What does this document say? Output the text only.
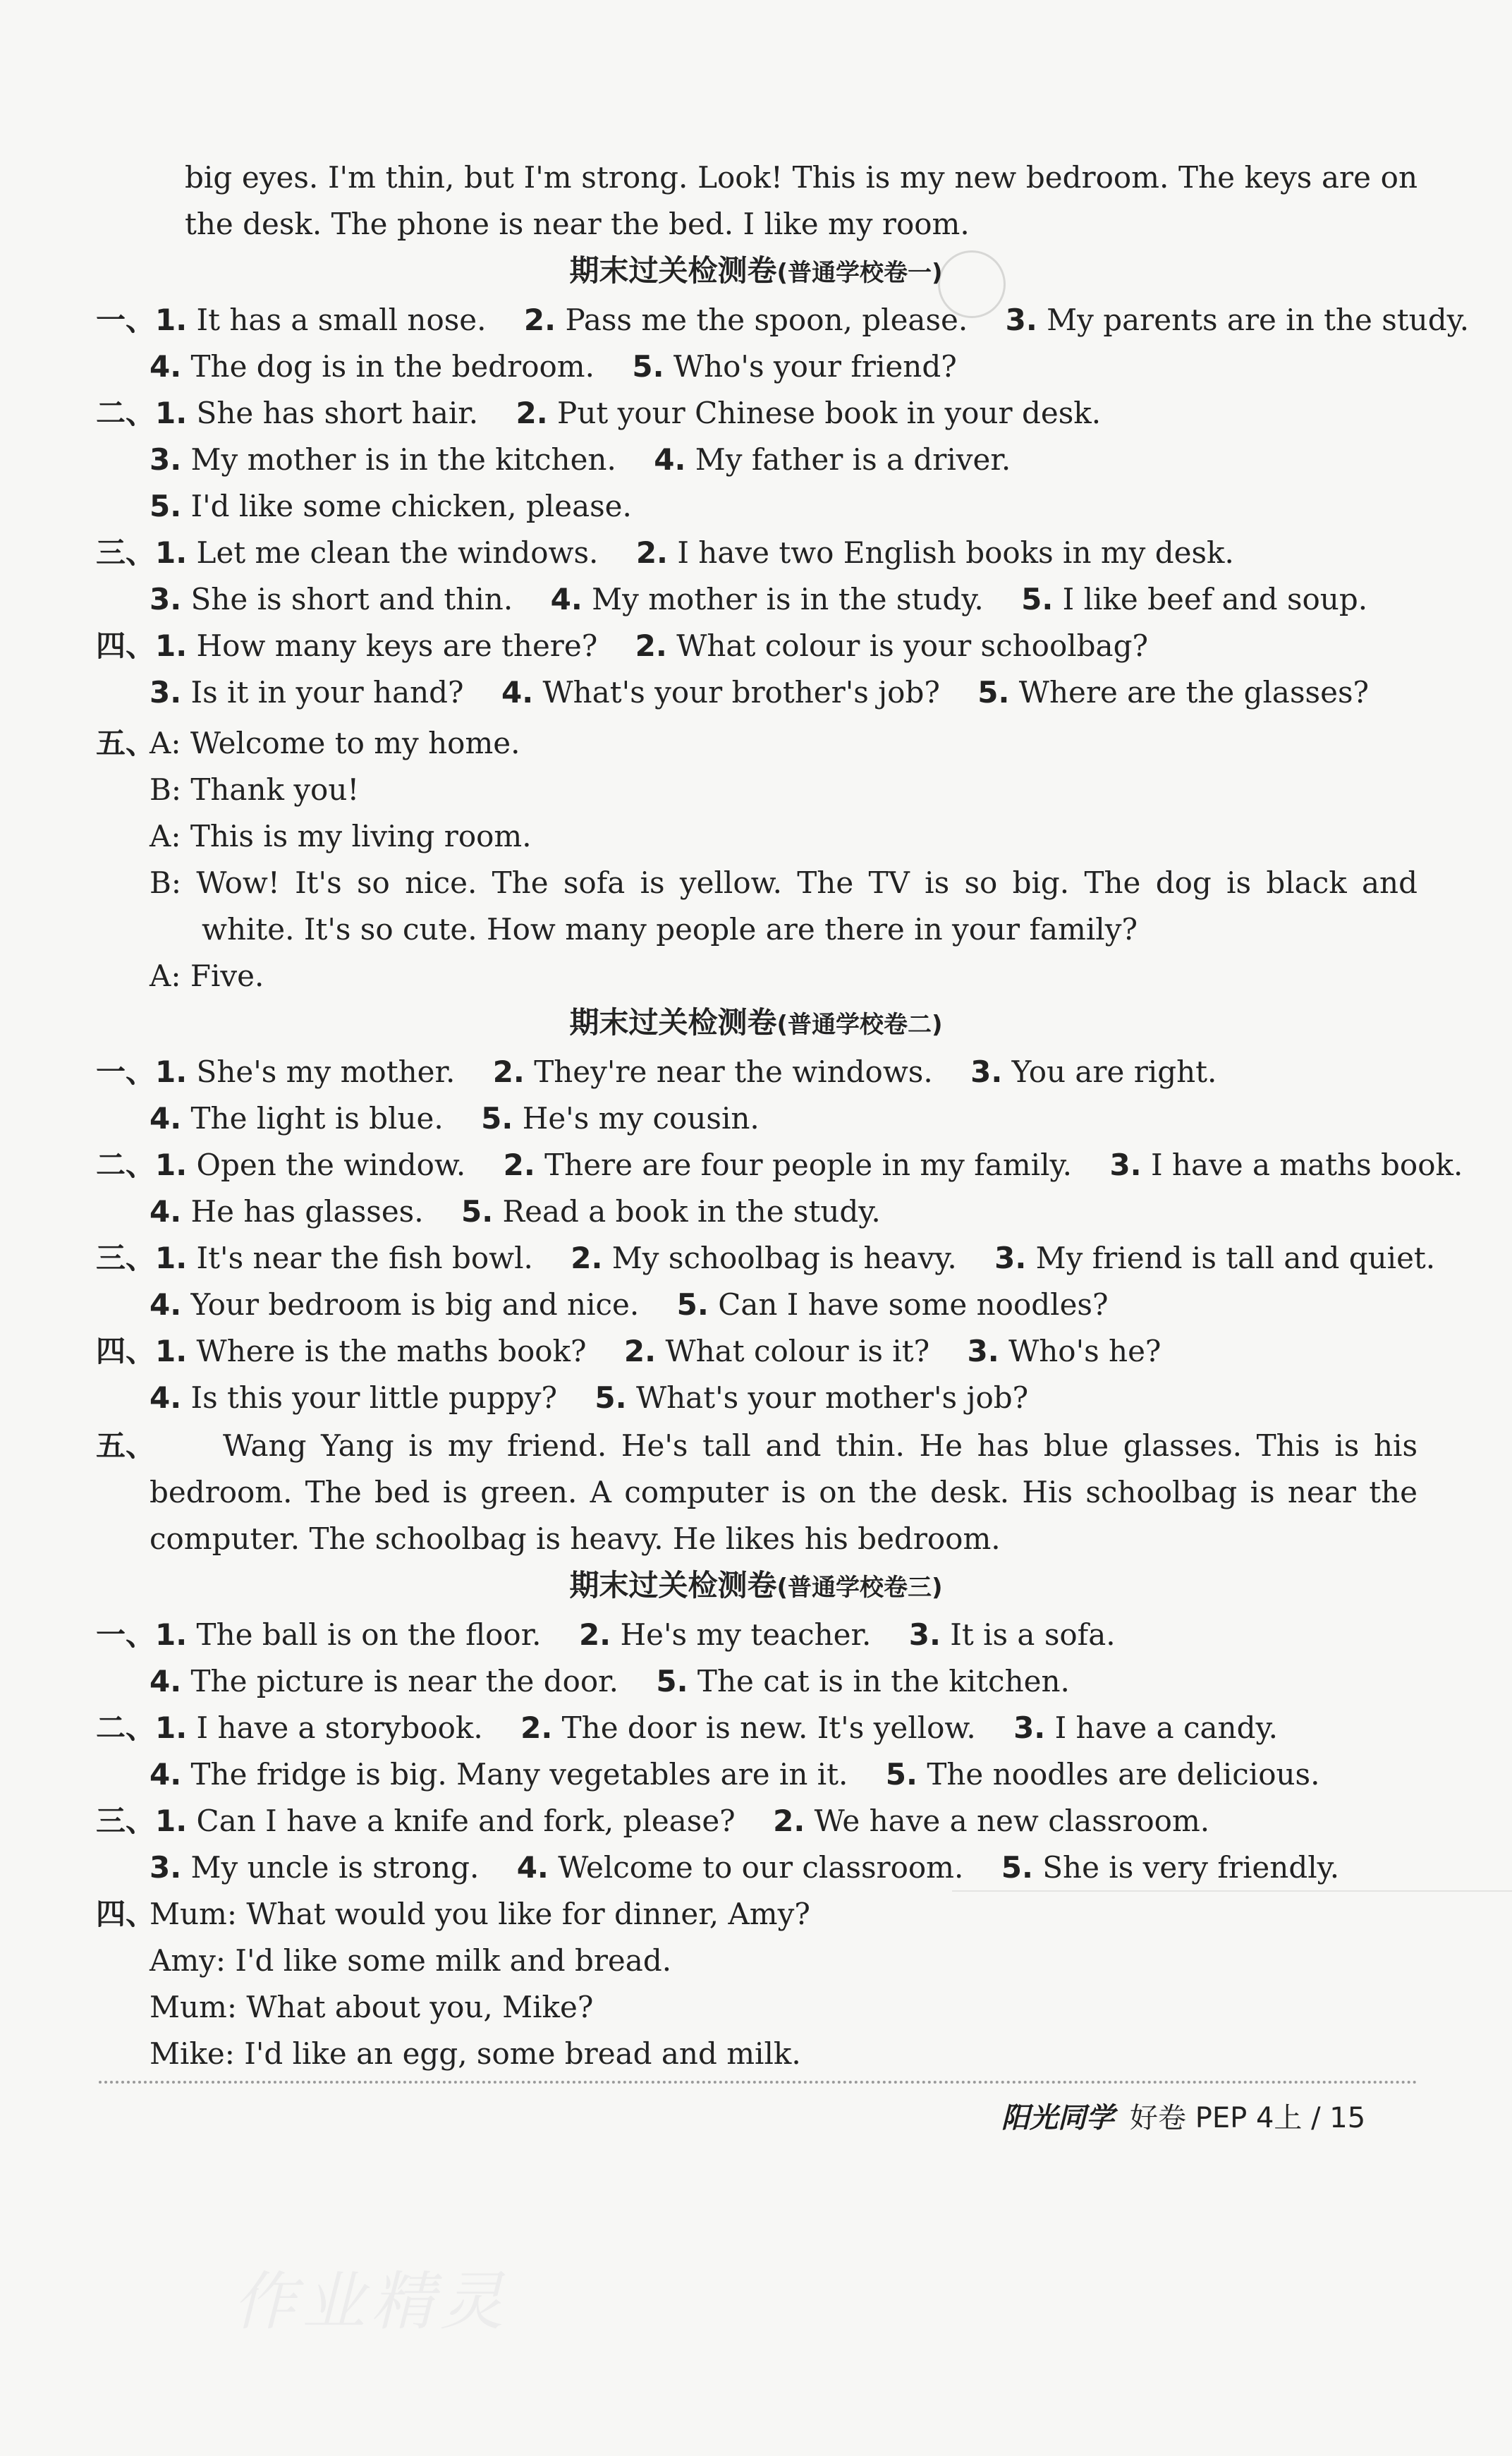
big eyes. I'm thin, but I'm strong. Look! This is my new bedroom. The keys are on
the desk. The phone is near the bed. I like my room.
期末过关检测卷(普通学校卷一)
一、1. It has a small nose.    2. Pass me the spoon, please.    3. My parents are in the study.
4. The dog is in the bedroom.    5. Who's your friend?
二、1. She has short hair.    2. Put your Chinese book in your desk.
3. My mother is in the kitchen.    4. My father is a driver.
5. I'd like some chicken, please.
三、1. Let me clean the windows.    2. I have two English books in my desk.
3. She is short and thin.    4. My mother is in the study.    5. I like beef and soup.
四、1. How many keys are there?    2. What colour is your schoolbag?
3. Is it in your hand?    4. What's your brother's job?    5. Where are the glasses?
五、
A: Welcome to my home.
B: Thank you!
A: This is my living room.
B: Wow! It's so nice. The sofa is yellow. The TV is so big. The dog is black and
white. It's so cute. How many people are there in your family?
A: Five.
期末过关检测卷(普通学校卷二)
一、1. She's my mother.    2. They're near the windows.    3. You are right.
4. The light is blue.    5. He's my cousin.
二、1. Open the window.    2. There are four people in my family.    3. I have a maths book.
4. He has glasses.    5. Read a book in the study.
三、1. It's near the fish bowl.    2. My schoolbag is heavy.    3. My friend is tall and quiet.
4. Your bedroom is big and nice.    5. Can I have some noodles?
四、1. Where is the maths book?    2. What colour is it?    3. Who's he?
4. Is this your little puppy?    5. What's your mother's job?
五、 Wang Yang is my friend. He's tall and thin. He has blue glasses. This is his
bedroom. The bed is green. A computer is on the desk. His schoolbag is near the
computer. The schoolbag is heavy. He likes his bedroom.
期末过关检测卷(普通学校卷三)
一、1. The ball is on the floor.    2. He's my teacher.    3. It is a sofa.
4. The picture is near the door.    5. The cat is in the kitchen.
二、1. I have a storybook.    2. The door is new. It's yellow.    3. I have a candy.
4. The fridge is big. Many vegetables are in it.    5. The noodles are delicious.
三、1. Can I have a knife and fork, please?    2. We have a new classroom.
3. My uncle is strong.    4. Welcome to our classroom.    5. She is very friendly.
四、
Mum: What would you like for dinner, Amy?
Amy: I'd like some milk and bread.
Mum: What about you, Mike?
Mike: I'd like an egg, some bread and milk.
阳光同学 好卷 PEP 4上 / 15
作业精灵
